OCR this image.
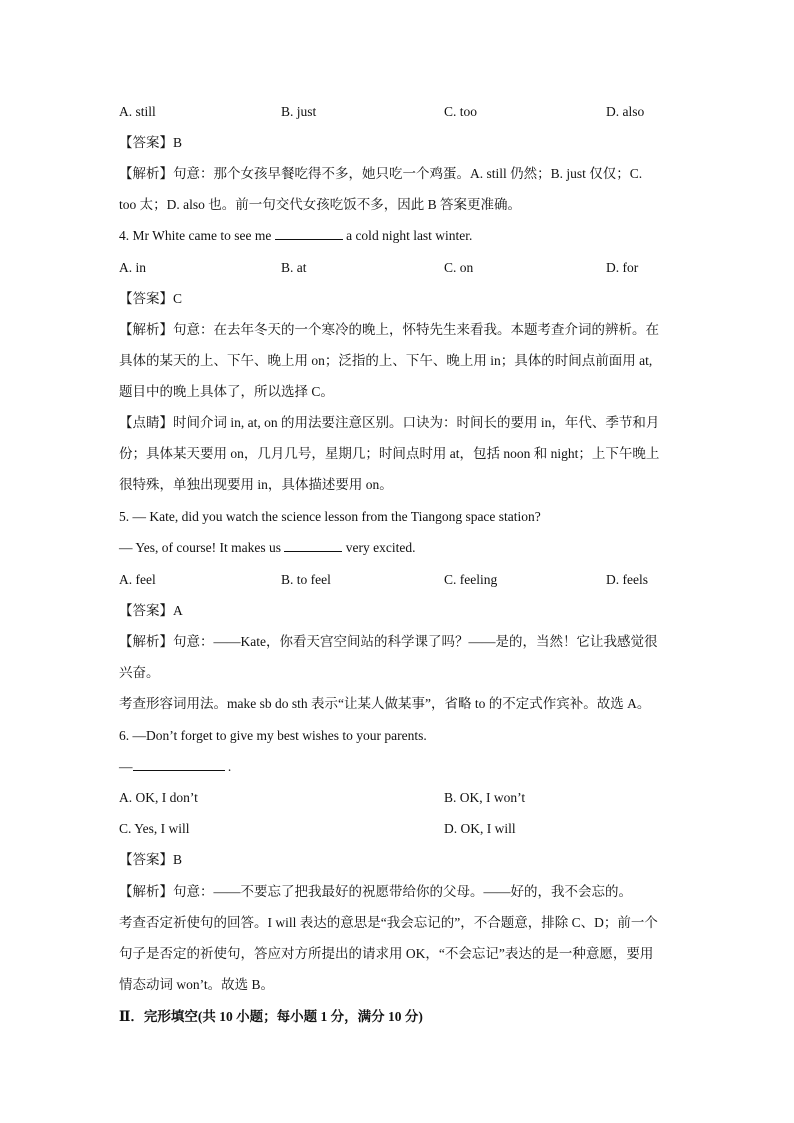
A. still	B. just	C. too	D. also
【答案】B
【解析】句意：那个女孩早餐吃得不多，她只吃一个鸡蛋。A. still 仍然；B. just 仅仅；C.
too 太；D. also 也。前一句交代女孩吃饭不多，因此 B 答案更准确。
4. Mr White came to see me	a cold night last winter.
A. in	B. at	C. on	D. for
【答案】C
【解析】句意：在去年冬天的一个寒冷的晚上，怀特先生来看我。本题考查介词的辨析。在
具体的某天的上、下午、晚上用 on；泛指的上、下午、晚上用 in；具体的时间点前面用 at,
题目中的晚上具体了，所以选择 C。
【点睛】时间介词 in, at, on 的用法要注意区别。口诀为：时间长的要用 in，年代、季节和月
份；具体某天要用 on，几月几号，星期几；时间点时用 at，包括 noon 和 night；上下午晚上
很特殊，单独出现要用 in，具体描述要用 on。
5. — Kate, did you watch the science lesson from the Tiangong space station?
— Yes, of course! It makes us	very excited.
A. feel	B. to feel	C. feeling	D. feels
【答案】A
【解析】句意：——Kate，你看天宫空间站的科学课了吗？——是的，当然！它让我感觉很
兴奋。
考查形容词用法。make sb do sth 表示“让某人做某事”，省略 to 的不定式作宾补。故选 A。
6. —Don’t forget to give my best wishes to your parents.
—	.
A. OK, I don’t	B. OK, I won’t
C. Yes, I will	D. OK, I will
【答案】B
【解析】句意：——不要忘了把我最好的祝愿带给你的父母。——好的，我不会忘的。
考查否定祈使句的回答。I will 表达的意思是“我会忘记的”，不合题意，排除 C、D；前一个
句子是否定的祈使句，答应对方所提出的请求用 OK，“不会忘记”表达的是一种意愿，要用
情态动词 won’t。故选 B。
Ⅱ．完形填空(共 10 小题；每小题 1 分，满分 10 分)
